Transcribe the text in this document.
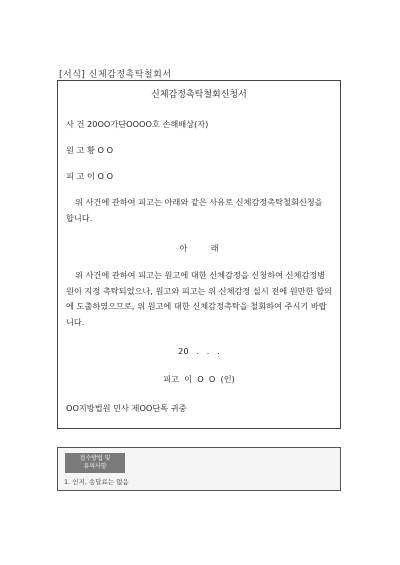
[서식] 신체감정촉탁철회서
신체감정촉탁철회신청서
사 건 20OO가단OOOO호 손해배상(자)
원 고 황 O O
피 고 이 O O

위 사건에 관하여 피고는 아래와 같은 사유로 신체감정촉탁철회신청을 합니다.

아         래

위 사건에 관하여 피고는 원고에 대한 신체감정을 신청하여 신체감정병원이 지정 촉탁되었으나, 원고와 피고는 위 신체감정 실시 전에 원만한 합의에 도출하였으므로, 위 원고에 대한 신체감정촉탁을 철회하여 주시기 바랍니다.

20   .   .   .
피고  이  O  O  (인)
OO지방법원 민사 제OO단독 귀중
접수방법 및
유의사항
1. 인지, 송달료는 없음
